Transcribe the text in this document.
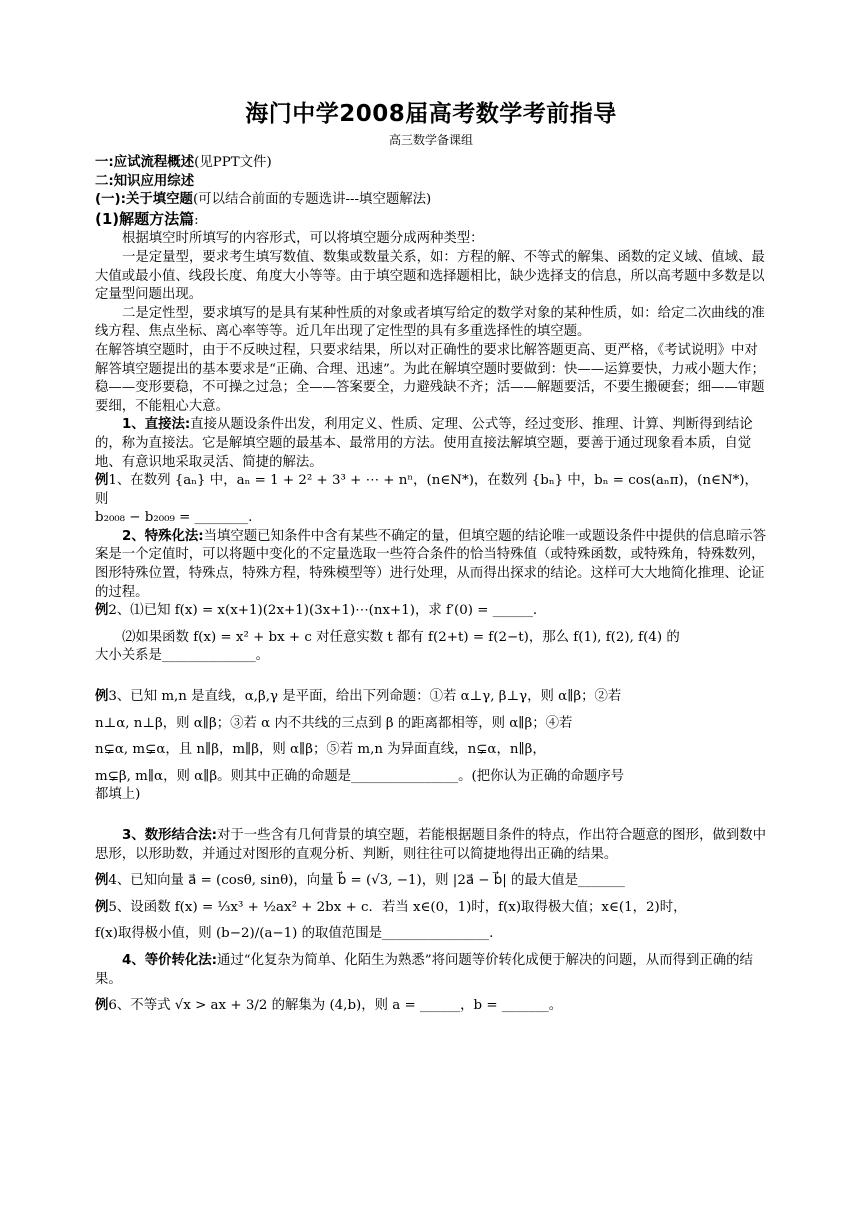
海门中学2008届高考数学考前指导
高三数学备课组

一:应试流程概述(见PPT文件)

二:知识应用综述

(一):关于填空题(可以结合前面的专题选讲---填空题解法)

(1)解题方法篇:

根据填空时所填写的内容形式，可以将填空题分成两种类型：

一是定量型，要求考生填写数值、数集或数量关系，如：方程的解、不等式的解集、函数的定义域、值域、最大值或最小值、线段长度、角度大小等等。由于填空题和选择题相比，缺少选择支的信息，所以高考题中多数是以定量型问题出现。

二是定性型，要求填写的是具有某种性质的对象或者填写给定的数学对象的某种性质，如：给定二次曲线的准线方程、焦点坐标、离心率等等。近几年出现了定性型的具有多重选择性的填空题。

在解答填空题时，由于不反映过程，只要求结果，所以对正确性的要求比解答题更高、更严格，《考试说明》中对解答填空题提出的基本要求是“正确、合理、迅速”。为此在解填空题时要做到：快——运算要快，力戒小题大作；稳——变形要稳，不可操之过急；全——答案要全，力避残缺不齐；活——解题要活，不要生搬硬套；细——审题要细，不能粗心大意。

1、直接法:直接从题设条件出发，利用定义、性质、定理、公式等，经过变形、推理、计算、判断得到结论的，称为直接法。它是解填空题的最基本、最常用的方法。使用直接法解填空题，要善于通过现象看本质，自觉地、有意识地采取灵活、简捷的解法。

例1、在数列 {aₙ} 中，aₙ = 1 + 2² + 3³ + ⋯ + nⁿ，(n∈N*)，在数列 {bₙ} 中，bₙ = cos(aₙπ)，(n∈N*)，则

b₂₀₀₈ − b₂₀₀₉ = ________.

2、特殊化法:当填空题已知条件中含有某些不确定的量，但填空题的结论唯一或题设条件中提供的信息暗示答案是一个定值时，可以将题中变化的不定量选取一些符合条件的恰当特殊值（或特殊函数，或特殊角，特殊数列，图形特殊位置，特殊点，特殊方程，特殊模型等）进行处理，从而得出探求的结论。这样可大大地简化推理、论证的过程。

例2、⑴已知 f(x) = x(x+1)(2x+1)(3x+1)⋯(nx+1)，求 f′(0) = ______.

⑵如果函数 f(x) = x² + bx + c 对任意实数 t 都有 f(2+t) = f(2−t)，那么 f(1), f(2), f(4) 的

大小关系是______________。

例3、已知 m,n 是直线，α,β,γ 是平面，给出下列命题：①若 α⊥γ, β⊥γ，则 α∥β；②若

n⊥α, n⊥β，则 α∥β；③若 α 内不共线的三点到 β 的距离都相等，则 α∥β；④若

n⊊α, m⊊α，且 n∥β，m∥β，则 α∥β；⑤若 m,n 为异面直线，n⊊α，n∥β，

m⊊β, m∥α，则 α∥β。则其中正确的命题是________________。(把你认为正确的命题序号

都填上)

3、数形结合法:对于一些含有几何背景的填空题，若能根据题目条件的特点，作出符合题意的图形，做到数中思形，以形助数，并通过对图形的直观分析、判断，则往往可以简捷地得出正确的结果。

例4、已知向量 a⃗ = (cosθ, sinθ)，向量 b⃗ = (√3, −1)，则 |2a⃗ − b⃗| 的最大值是_______

例5、设函数 f(x) = ⅓x³ + ½ax² + 2bx + c．若当 x∈(0，1)时，f(x)取得极大值；x∈(1，2)时，

f(x)取得极小值，则 (b−2)/(a−1) 的取值范围是________________.

4、等价转化法:通过“化复杂为简单、化陌生为熟悉”将问题等价转化成便于解决的问题，从而得到正确的结果。

例6、不等式 √x > ax + 3/2 的解集为 (4,b)，则 a = ______，b = _______。
